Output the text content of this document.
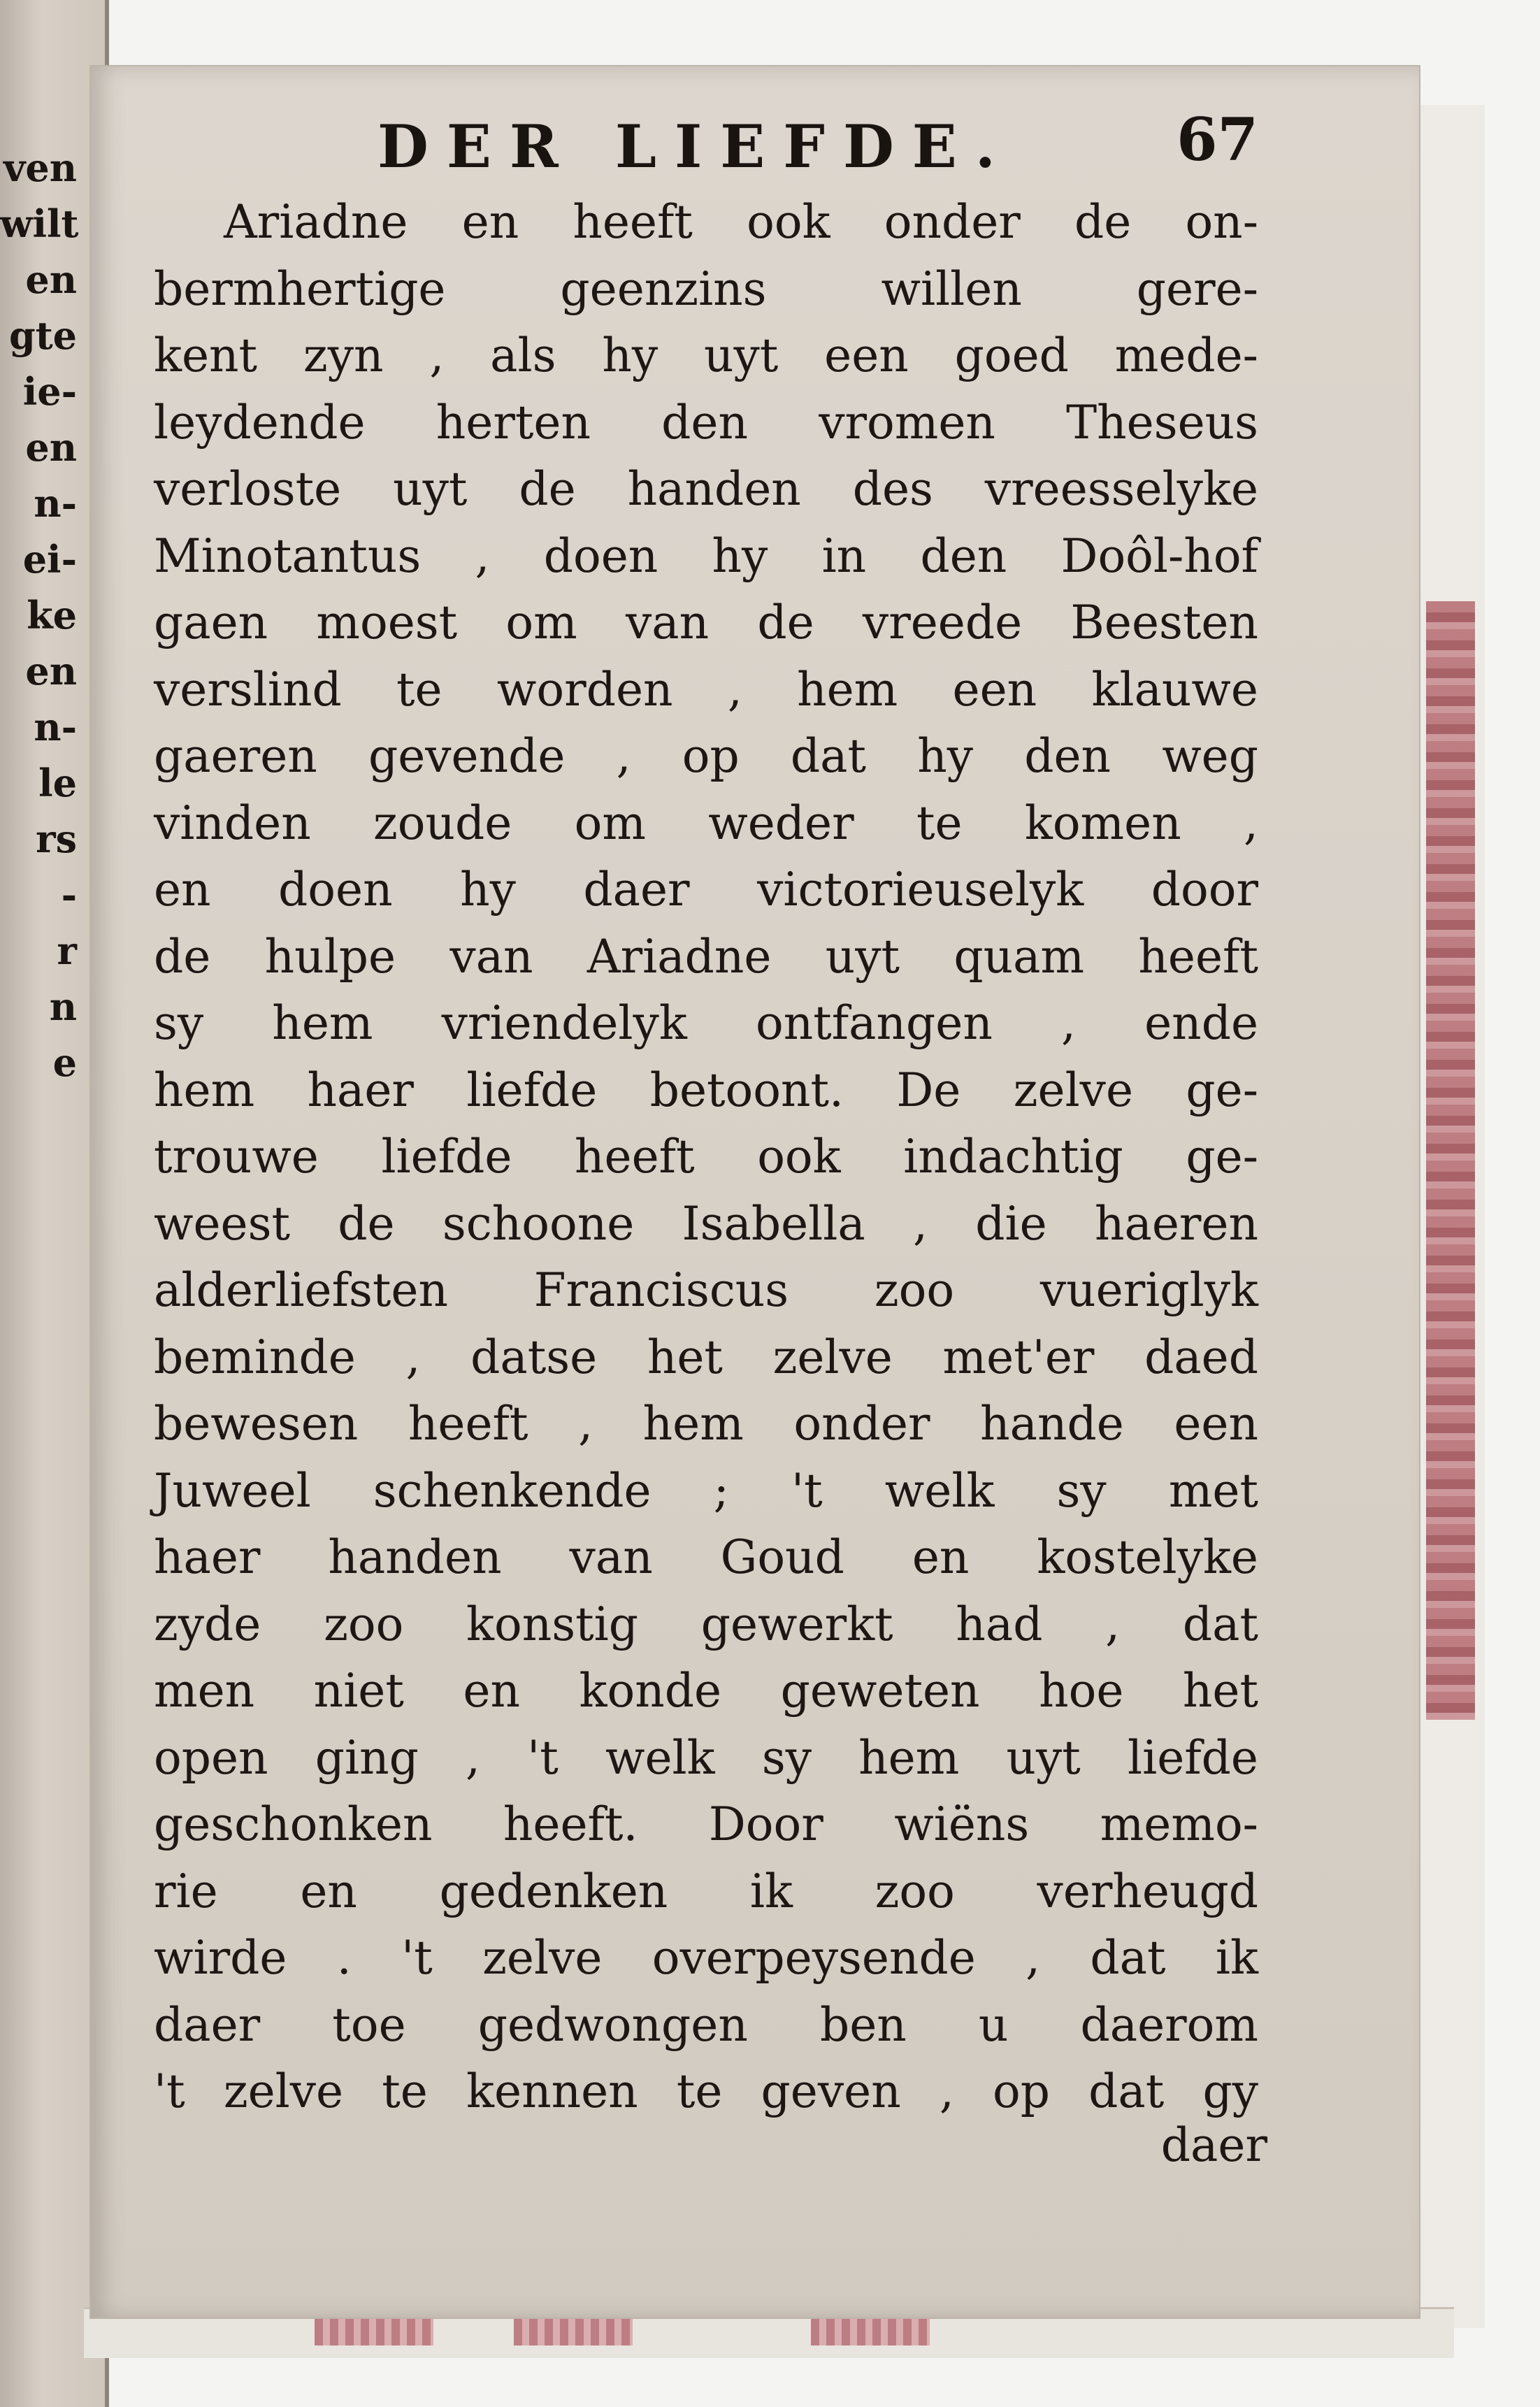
ven
wilt
en
gte
ie-
en
n-
ei-
ke
en
n-
le
rs
-
r
n
e
DER LIEFDE.	67
Ariadne en heeft ook onder de on-
bermhertige geenzins willen gere-
kent zyn , als hy uyt een goed mede-
leydende herten den vromen Theseus
verloste uyt de handen des vreesselyke
Minotantus , doen hy in den Doôl-hof
gaen moest om van de vreede Beesten
verslind te worden , hem een klauwe
gaeren gevende , op dat hy den weg
vinden zoude om weder te komen ,
en doen hy daer victorieuselyk door
de hulpe van Ariadne uyt quam heeft
sy hem vriendelyk ontfangen , ende
hem haer liefde betoont. De zelve ge-
trouwe liefde heeft ook indachtig ge-
weest de schoone Isabella , die haeren
alderliefsten Franciscus zoo vueriglyk
beminde , datse het zelve met'er daed
bewesen heeft , hem onder hande een
Juweel schenkende ; 't welk sy met
haer handen van Goud en kostelyke
zyde zoo konstig gewerkt had , dat
men niet en konde geweten hoe het
open ging , 't welk sy hem uyt liefde
geschonken heeft. Door wiëns memo-
rie en gedenken ik zoo verheugd
wirde . 't zelve overpeysende , dat ik
daer toe gedwongen ben u daerom
't zelve te kennen te geven , op dat gy
daer
